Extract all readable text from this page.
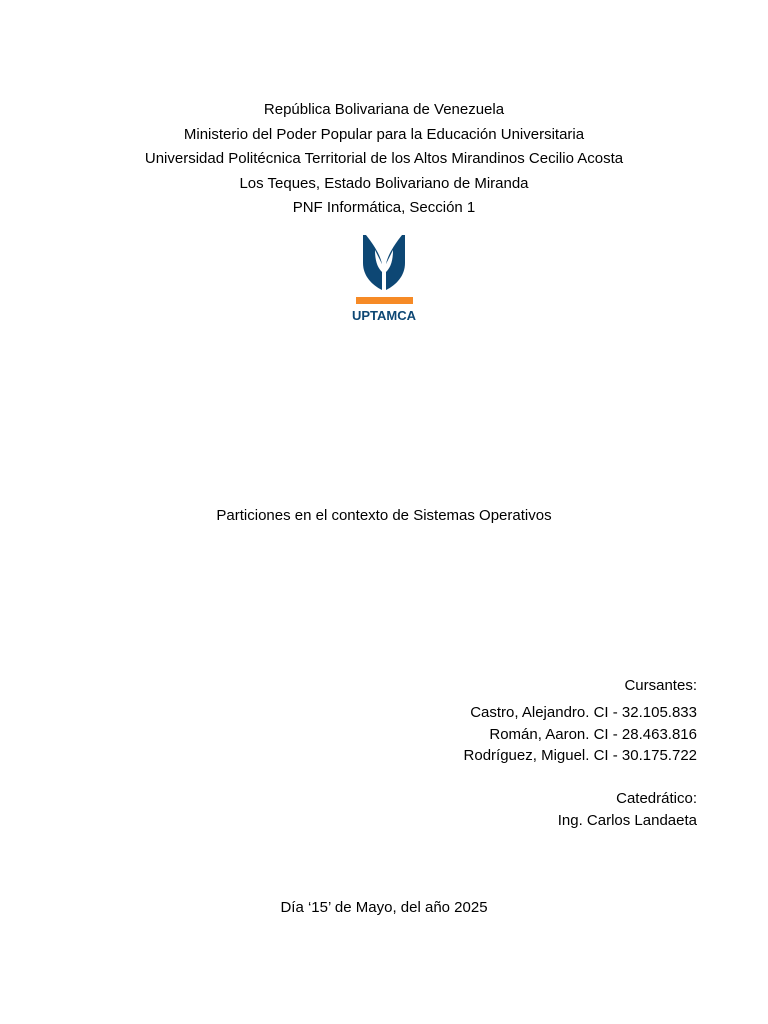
República Bolivariana de Venezuela
Ministerio del Poder Popular para la Educación Universitaria
Universidad Politécnica Territorial de los Altos Mirandinos Cecilio Acosta
Los Teques, Estado Bolivariano de Miranda
PNF Informática, Sección 1
UPTAMCA
Particiones en el contexto de Sistemas Operativos
Cursantes:
Castro, Alejandro. CI - 32.105.833
Román, Aaron. CI - 28.463.816
Rodríguez, Miguel. CI - 30.175.722
Catedrático:
Ing. Carlos Landaeta
Día ‘15’ de Mayo, del año 2025
